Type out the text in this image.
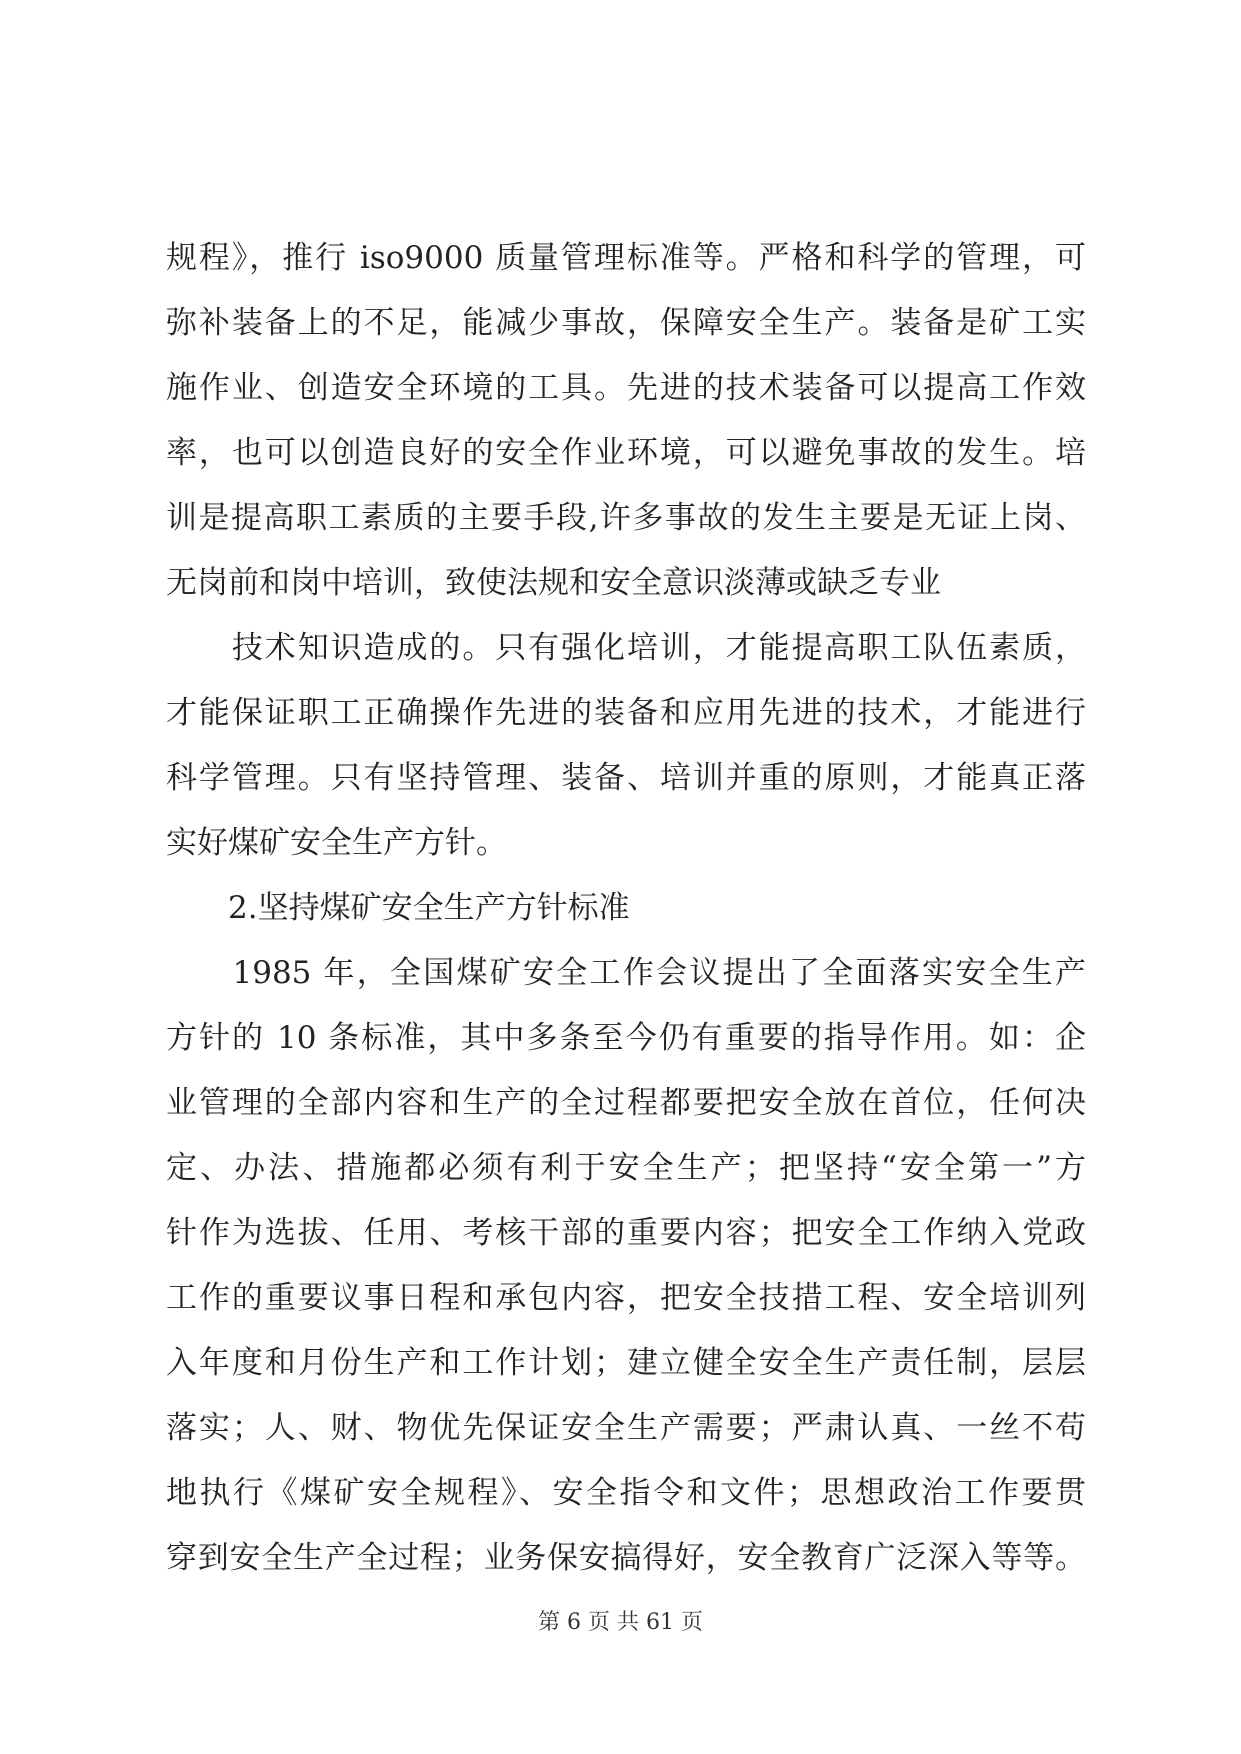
规程》，推行 iso9000 质量管理标准等。严格和科学的管理，可
弥补装备上的不足，能减少事故，保障安全生产。装备是矿工实
施作业、创造安全环境的工具。先进的技术装备可以提高工作效
率，也可以创造良好的安全作业环境，可以避免事故的发生。培
训是提高职工素质的主要手段,许多事故的发生主要是无证上岗、
无岗前和岗中培训，致使法规和安全意识淡薄或缺乏专业
　　技术知识造成的。只有强化培训，才能提高职工队伍素质，
才能保证职工正确操作先进的装备和应用先进的技术，才能进行
科学管理。只有坚持管理、装备、培训并重的原则，才能真正落
实好煤矿安全生产方针。
　　2.坚持煤矿安全生产方针标准
　　1985 年，全国煤矿安全工作会议提出了全面落实安全生产
方针的 10 条标准，其中多条至今仍有重要的指导作用。如：企
业管理的全部内容和生产的全过程都要把安全放在首位，任何决
定、办法、措施都必须有利于安全生产；把坚持“安全第一”方
针作为选拔、任用、考核干部的重要内容；把安全工作纳入党政
工作的重要议事日程和承包内容，把安全技措工程、安全培训列
入年度和月份生产和工作计划；建立健全安全生产责任制，层层
落实；人、财、物优先保证安全生产需要；严肃认真、一丝不苟
地执行《煤矿安全规程》、安全指令和文件；思想政治工作要贯
穿到安全生产全过程；业务保安搞得好，安全教育广泛深入等等。
第 6 页 共 61 页
